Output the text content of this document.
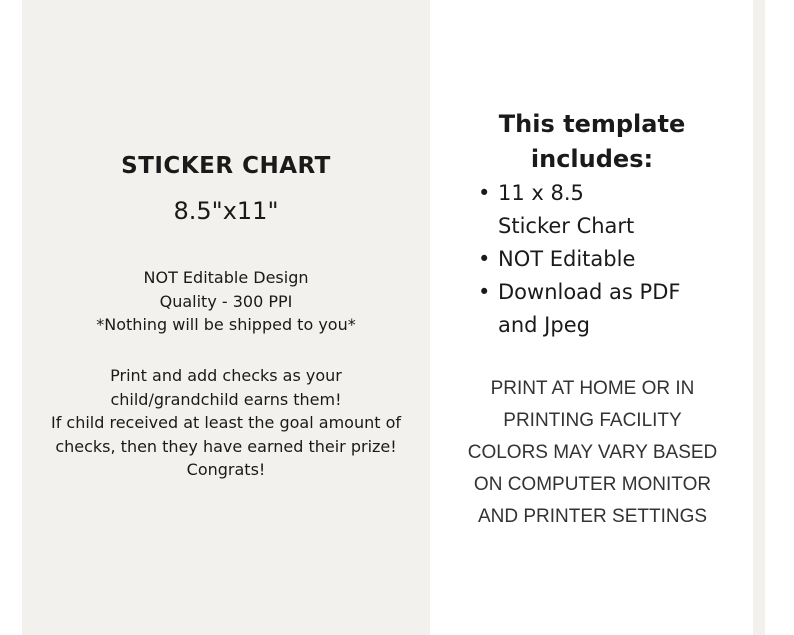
STICKER CHART
8.5"x11"
NOT Editable Design
Quality - 300 PPI
*Nothing will be shipped to you*
Print and add checks as your
child/grandchild earns them!
If child received at least the goal amount of
checks, then they have earned their prize!
Congrats!
This template
includes:
• 11 x 8.5
Sticker Chart
• NOT Editable
• Download as PDF
and Jpeg
PRINT AT HOME OR IN
PRINTING FACILITY
COLORS MAY VARY BASED
ON COMPUTER MONITOR
AND PRINTER SETTINGS
